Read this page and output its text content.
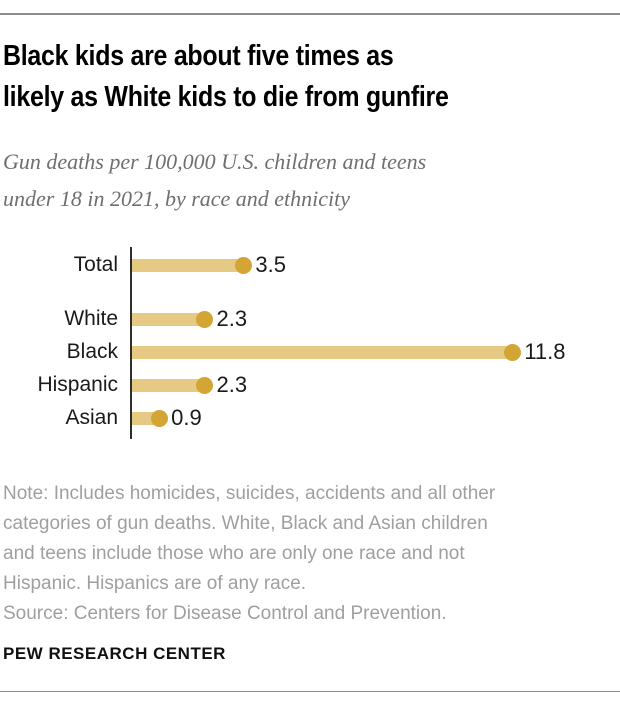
Black kids are about five times as
likely as White kids to die from gunfire
Gun deaths per 100,000 U.S. children and teens
under 18 in 2021, by race and ethnicity
Total	3.5
White	2.3
Black	11.8
Hispanic	2.3
Asian 0.9
Note: Includes homicides, suicides, accidents and all other
categories of gun deaths. White, Black and Asian children
and teens include those who are only one race and not
Hispanic. Hispanics are of any race.
Source: Centers for Disease Control and Prevention.
PEW RESEARCH CENTER
